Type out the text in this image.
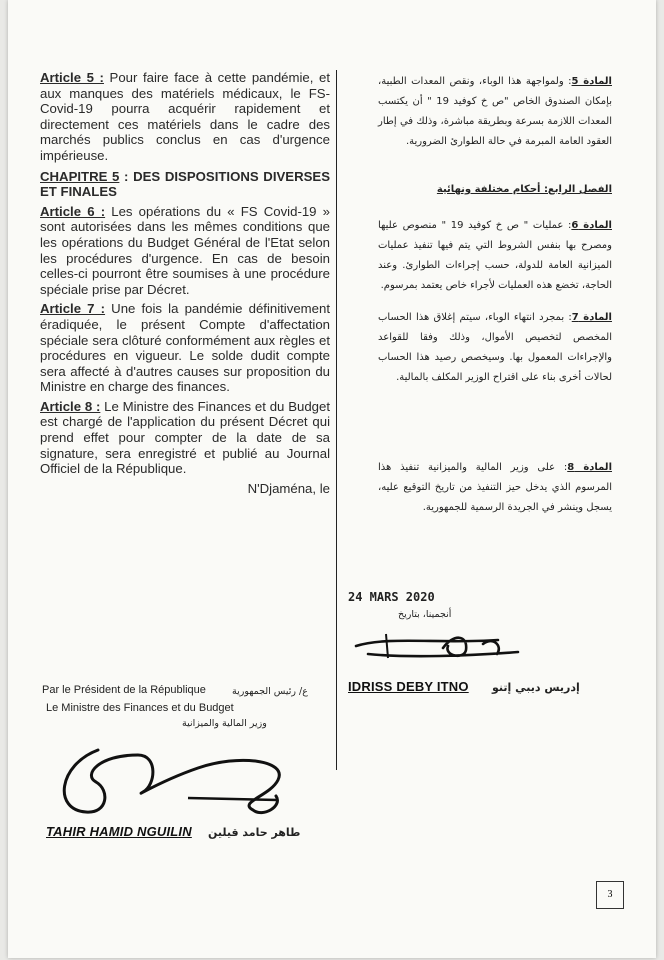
Article 5 : Pour faire face à cette pandémie, et aux manques des matériels médicaux, le FS-Covid-19 pourra acquérir rapidement et directement ces matériels dans le cadre des marchés publics conclus en cas d'urgence impérieuse.

CHAPITRE 5 : DES DISPOSITIONS DIVERSES ET FINALES

Article 6 : Les opérations du « FS Covid-19 » sont autorisées dans les mêmes conditions que les opérations du Budget Général de l'Etat selon les procédures d'urgence. En cas de besoin celles-ci pourront être soumises à une procédure spéciale prise par Décret.

Article 7 : Une fois la pandémie définitivement éradiquée, le présent Compte d'affectation spéciale sera clôturé conformément aux règles et procédures en vigueur. Le solde dudit compte sera affecté à d'autres causes sur proposition du Ministre en charge des finances.

Article 8 : Le Ministre des Finances et du Budget est chargé de l'application du présent Décret qui prend effet pour compter de la date de sa signature, sera enregistré et publié au Journal Officiel de la République.

N'Djaména, le

المادة 5: ولمواجهة هذا الوباء، ونقص المعدات الطبية، بإمكان الصندوق الخاص "ص خ كوفيد 19 " أن يكتسب المعدات اللازمة بسرعة وبطريقة مباشرة، وذلك في إطار العقود العامة المبرمة في حالة الطوارئ الضرورية.

الفصل الرابع: أحكام مختلفة ونهائية

المادة 6: عمليات " ص خ كوفيد 19 " منصوص عليها ومصرح بها بنفس الشروط التي يتم فيها تنفيذ عمليات الميزانية العامة للدولة، حسب إجراءات الطوارئ. وعند الحاجة، تخضع هذه العمليات لأجراء خاص يعتمد بمرسوم.

المادة 7: بمجرد انتهاء الوباء، سيتم إغلاق هذا الحساب المخصص لتخصيص الأموال، وذلك وفقا للقواعد والإجراءات المعمول بها. وسيخصص رصيد هذا الحساب لحالات أخرى بناء على اقتراح الوزير المكلف بالمالية.

المادة 8: على وزير المالية والميزانية تنفيذ هذا المرسوم الذي يدخل حيز التنفيذ من تاريخ التوقيع عليه، يسجل وينشر في الجريدة الرسمية للجمهورية.

24 MARS 2020
أنجمينا، بتاريخ
IDRISS DEBY ITNO إدريس ديبي إتنو
Par le Président de la République	ع/ رئيس الجمهورية
Le Ministre des Finances et du Budget
وزير المالية والميزانية
TAHIR HAMID NGUILIN طاهر حامد قيلين
3
